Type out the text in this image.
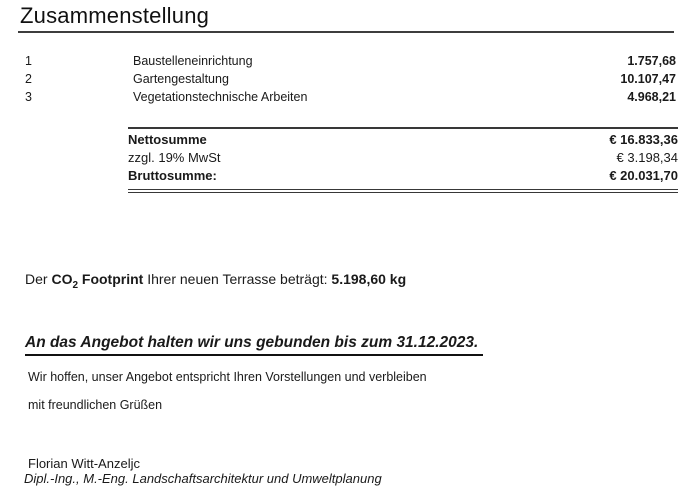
Zusammenstellung
1	Baustelleneinrichtung	1.757,68
2	Gartengestaltung	10.107,47
3	Vegetationstechnische Arbeiten	4.968,21
Nettosumme	€ 16.833,36
zzgl. 19% MwSt	€ 3.198,34
Bruttosumme:	€ 20.031,70

Der $CO_2$ Footprint Ihrer neuen Terrasse beträgt: 5.198,60 kg

An das Angebot halten wir uns gebunden bis zum 31.12.2023.

Wir hoffen, unser Angebot entspricht Ihren Vorstellungen und verbleiben

mit freundlichen Grüßen

Florian Witt-Anzeljc

Dipl.-Ing., M.-Eng. Landschaftsarchitektur und Umweltplanung
